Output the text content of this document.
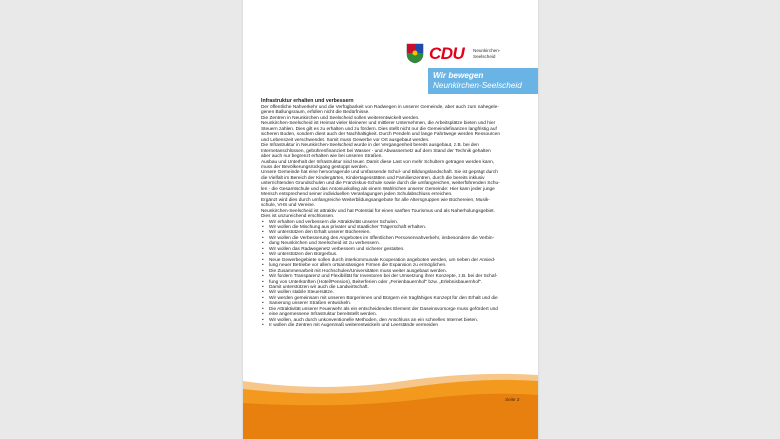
CDU Neunkirchen-
Seelscheid
Wir bewegen
Neunkirchen-Seelscheid
Infrastruktur erhalten und verbessern

Der öffentliche Nahverkehr und die Verfügbarkeit von Radwegen in unserer Gemeinde, aber auch zum nahegele-

genen Ballungsraum, erfüllen nicht die Bedürfnisse.

Die Zentren in Neunkirchen und Seelscheid sollen weiterentwickelt werden.

Neunkirchen-Seelscheid ist Heimat vieler kleinerer und mittlerer Unternehmen, die Arbeitsplätze bieten und hier

Steuern zahlen. Dies gilt es zu erhalten und zu fördern. Dies stellt nicht nur die Gemeindefinanzen langfristig auf

sicheren Boden, sondern dient auch der Nachhaltigkeit. Durch Pendeln und lange Fahrtwege werden Ressourcen

und Lebenszeit verschwendet. Somit muss Gewerbe vor Ort ausgebaut werden.

Die Infrastruktur in Neunkirchen-Seelscheid wurde in der Vergangenheit bereits ausgebaut, z.B. bei den

Internetanschlüssen, gebührenfinanziert bei Wasser - und Abwassernetz auf dem Stand der Technik gehalten

aber auch nur begrenzt erhalten wie bei unseren Straßen.

Ausbau und Unterhalt der Infrastruktur sind teuer. Damit diese Last von mehr Schultern getragen werden kann,

muss der Bevölkerungsrückgang gestoppt werden.

Unsere Gemeinde hat eine hervorragende und umfassende Schul- und Bildungslandschaft. Sie ist geprägt durch

die Vielfalt im Bereich der Kindergärten, Kindertagesstätten und Familienzentren, durch die bereits inklusiv

unterrichtenden Grundschulen und die Franziskus-Schule sowie durch die umfangreichen, weiterführenden Schu-

len - die Gesamtschule und das Antoniuskolleg als einem Wahlrichen unserer Gemeinde: Hier kann jeder junge

Mensch entsprechend seiner individuellen Veranlagungen jeden Schulabschluss erreichen.

Ergänzt wird dies durch umfangreiche Weiterbildungsangebote für alle Altersgruppen wie Büchereien, Musik-

schule, VHS und Vereine.

Neunkirchen-Seelscheid ist attraktiv und hat Potential für einen sanften Tourismus und als Naherholungsgebiet.

Dies ist unzureichend erschlossen.

• Wir erhalten und verbessern die Attraktivität unserer Schulen.
• Wir wollen die Mischung aus privater und staatlicher Trägerschaft erhalten.
• Wir unterstützen den Erhalt unserer Büchereien.
• Wir wollen die Verbesserung des Angebotes im öffentlichen Personennahverkehr, insbesondere die Verbin-
• dung Neunkirchen und Seelscheid ist zu verbessern.
• Wir wollen das Radwegenetz verbessern und sicherer gestalten.
• Wir unterstützen den Bürgerbus.
• Neue Gewerbegebiete sollen durch interkommunale Kooperation angeboten werden, um neben der Ansied-
• lung neuer Betriebe vor allem ortsansässigen Firmen die Expansion zu ermöglichen.
• Die Zusammenarbeit mit Hochschulen/Universitäten muss weiter ausgebaut werden.
• Wir fordern Transparenz und Flexibilität für Investoren bei der Umsetzung ihrer Konzepte, z.B. bei der Schaf-
• fung von Unterkünften (Hotel/Pension), Beiterferien oder „Ferienbauernhof" bzw. „Erlebnisbauernhof".
• Damit unterstützen wir auch die Landwirtschaft.
• Wir wollen stabile Steuersätze.
• Wir werden gemeinsam mit unseren Bürgerinnen und Bürgern ein tragfähiges Konzept für den Erhalt und die
• Sanierung unserer Straßen entwickeln.
• Die Attraktivität unserer Feuerwehr als ein entscheidendes Element der Daseinsvorsorge muss gefördert und
• eine angemessene Infrastruktur bereitstellt werden.
• Wir wollen, auch durch unkonventionelle Methoden, den Anschluss an ein schnelles Internet bieten.
• Ir wollen die Zentren mit Augenmaß weiterentwickeln und Leerstände vermeiden
Seite 3
